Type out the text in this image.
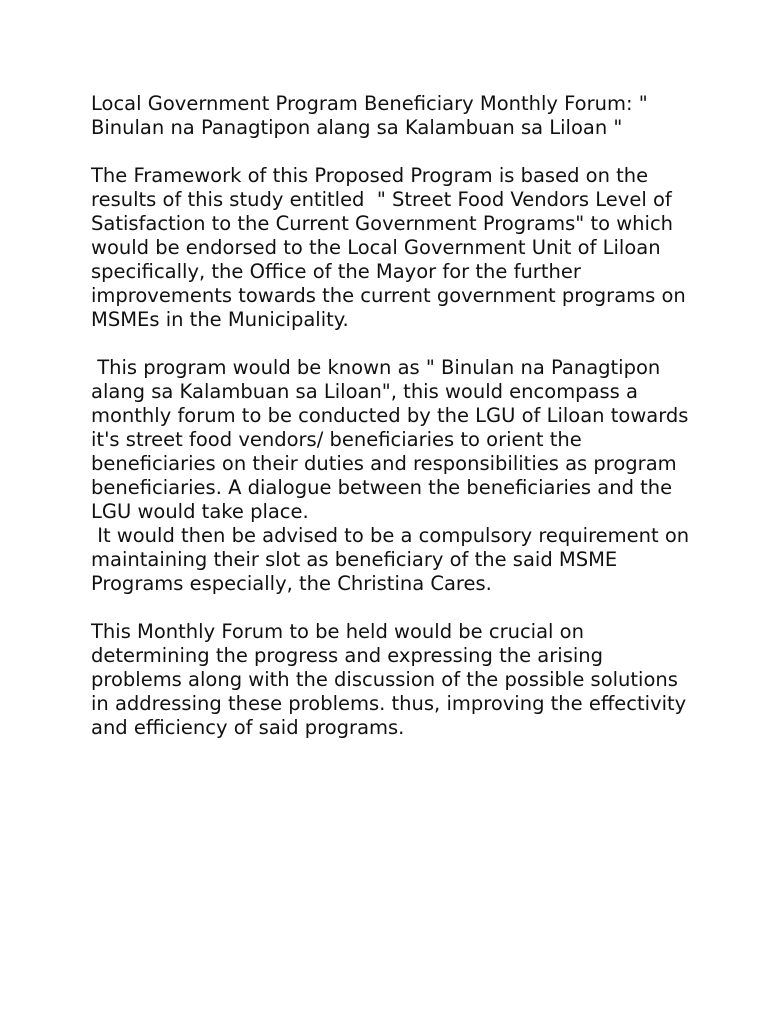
Local Government Program Beneficiary Monthly Forum: " Binulan na Panagtipon alang sa Kalambuan sa Liloan "

The Framework of this Proposed Program is based on the results of this study entitled  " Street Food Vendors Level of Satisfaction to the Current Government Programs" to which would be endorsed to the Local Government Unit of Liloan specifically, the Office of the Mayor for the further improvements towards the current government programs on MSMEs in the Municipality.

This program would be known as " Binulan na Panagtipon alang sa Kalambuan sa Liloan", this would encompass a monthly forum to be conducted by the LGU of Liloan towards it's street food vendors/ beneficiaries to orient the beneficiaries on their duties and responsibilities as program beneficiaries. A dialogue between the beneficiaries and the LGU would take place.

It would then be advised to be a compulsory requirement on maintaining their slot as beneficiary of the said MSME Programs especially, the Christina Cares.

This Monthly Forum to be held would be crucial on determining the progress and expressing the arising problems along with the discussion of the possible solutions in addressing these problems. thus, improving the effectivity and efficiency of said programs.
